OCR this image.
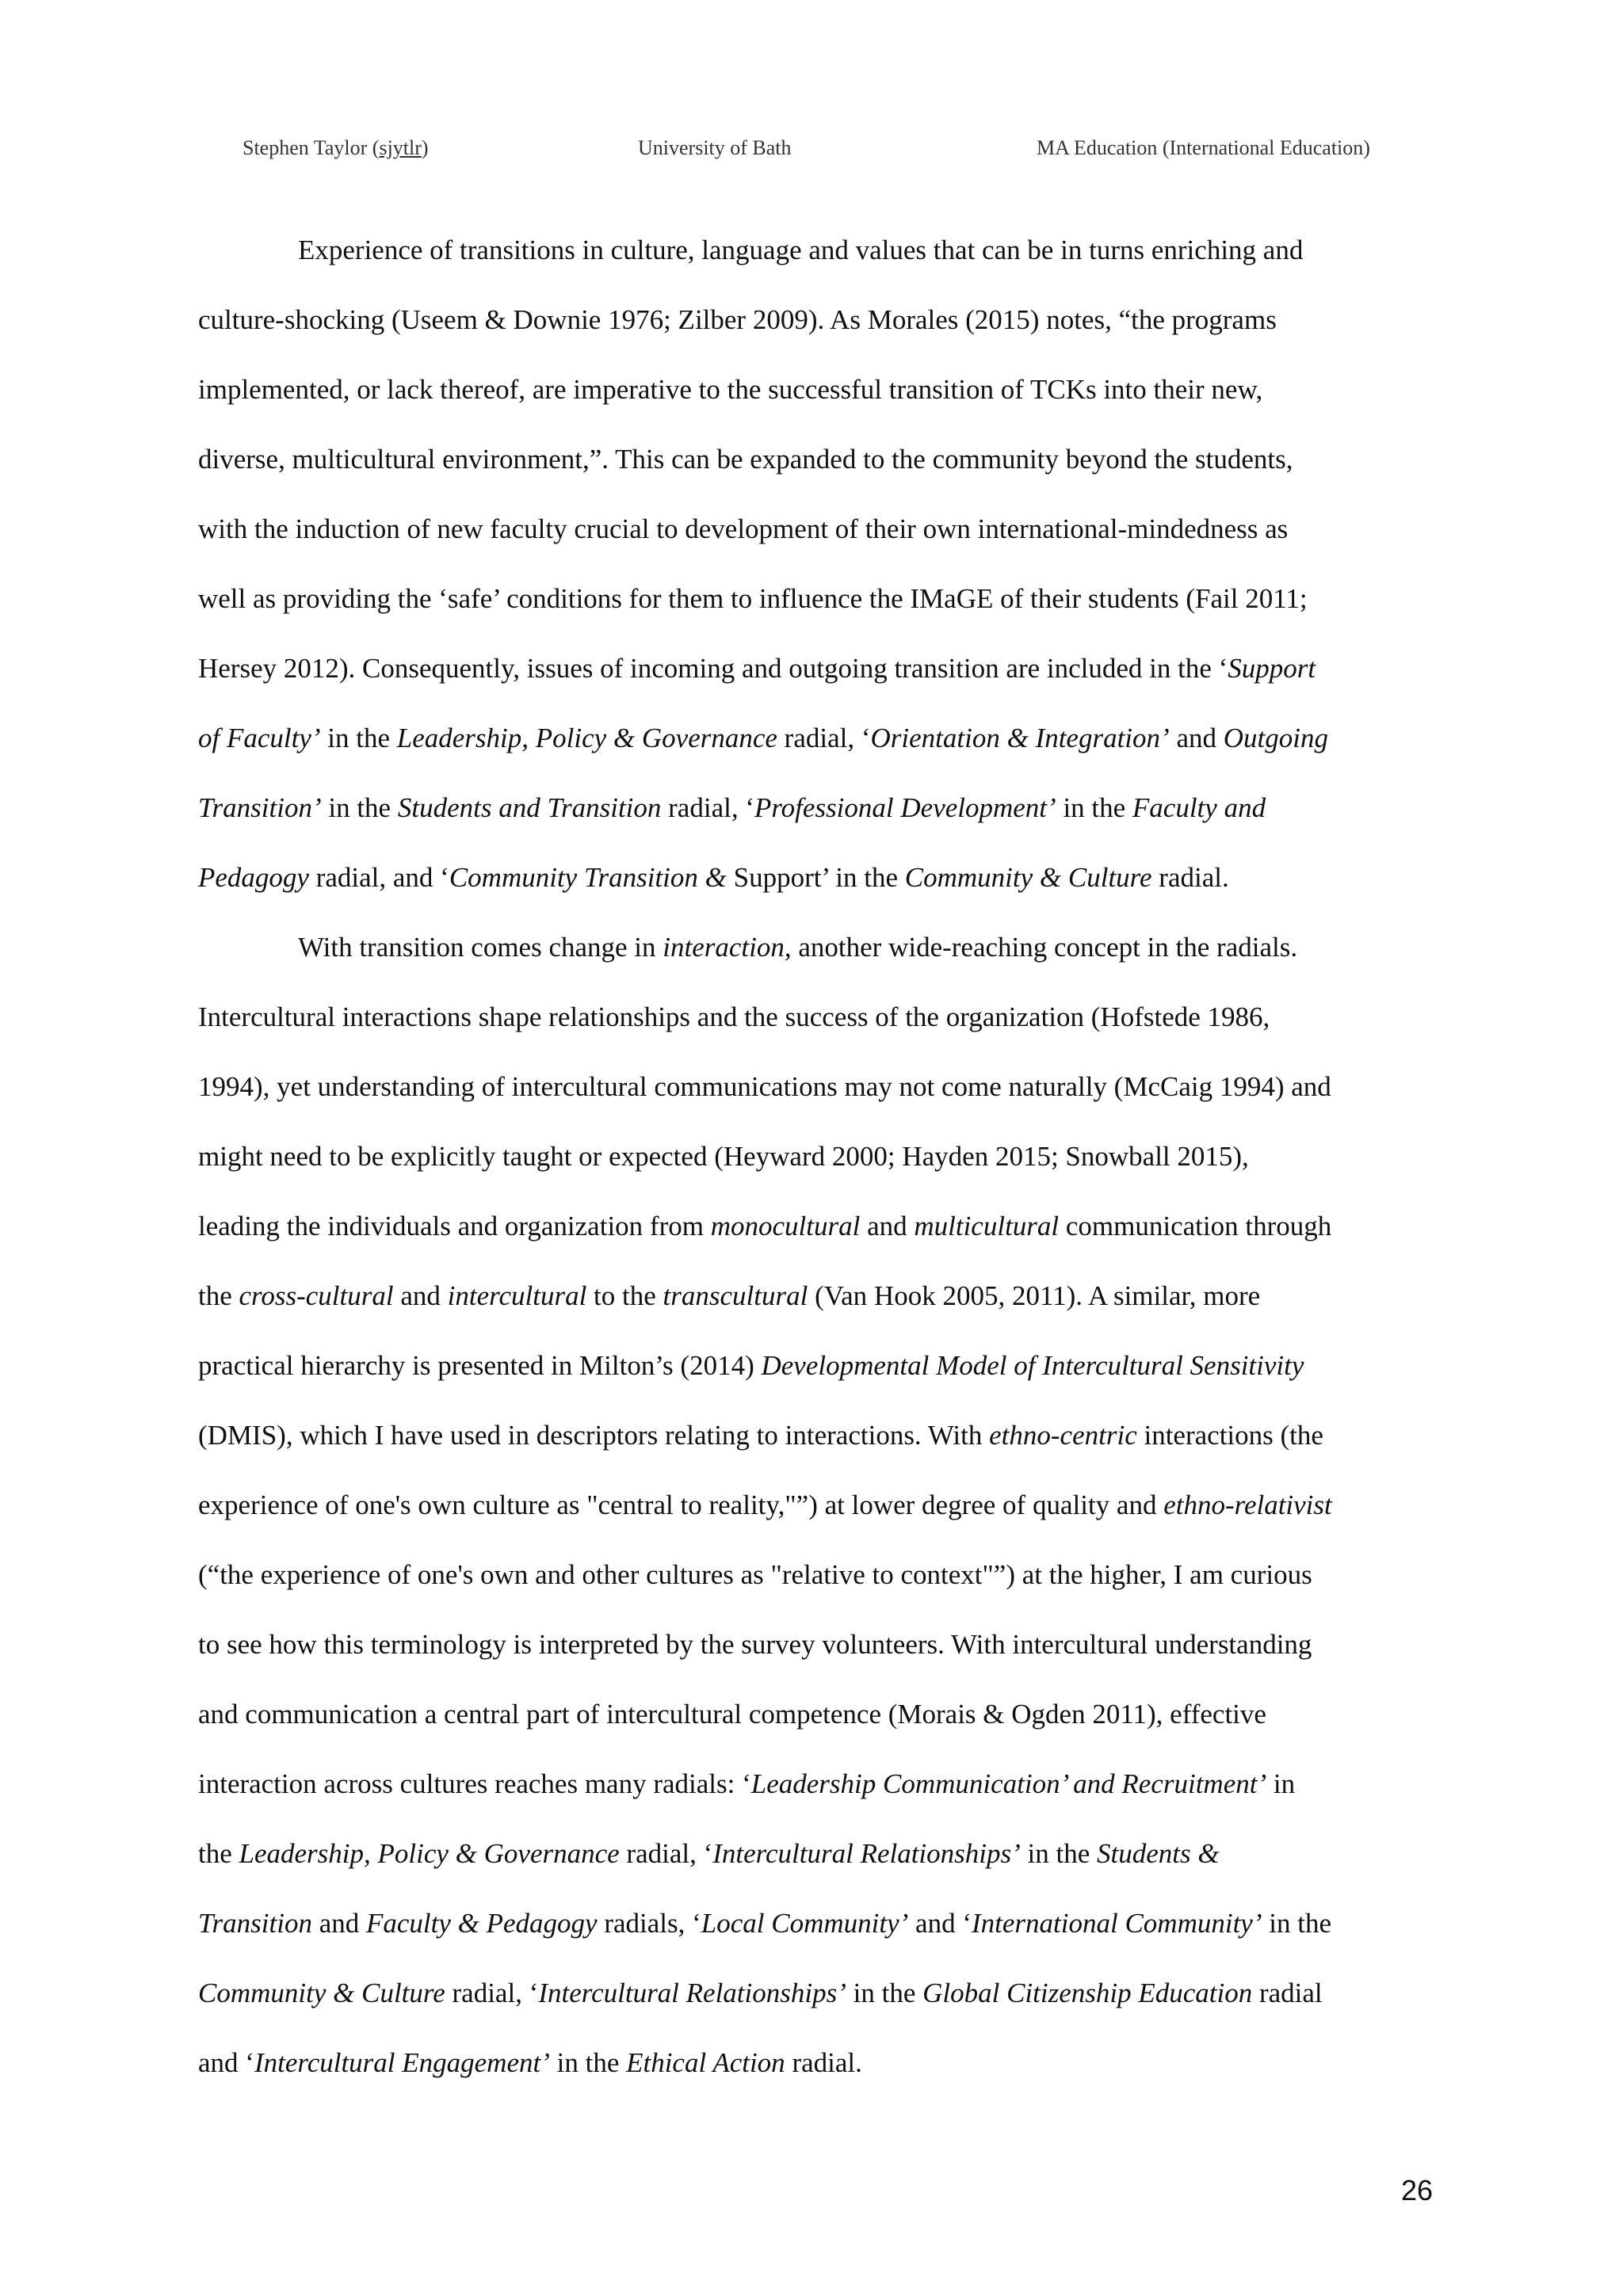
Stephen Taylor (sjytlr)	University of Bath	MA Education (International Education)
Experience of transitions in culture, language and values that can be in turns enriching and
culture-shocking (Useem & Downie 1976; Zilber 2009). As Morales (2015) notes, “the programs
implemented, or lack thereof, are imperative to the successful transition of TCKs into their new,
diverse, multicultural environment,”. This can be expanded to the community beyond the students,
with the induction of new faculty crucial to development of their own international-mindedness as
well as providing the ‘safe’ conditions for them to influence the IMaGE of their students (Fail 2011;
Hersey 2012). Consequently, issues of incoming and outgoing transition are included in the ‘Support
of Faculty’ in the Leadership, Policy & Governance radial, ‘Orientation & Integration’ and Outgoing
Transition’ in the Students and Transition radial, ‘Professional Development’ in the Faculty and
Pedagogy radial, and ‘Community Transition & Support’ in the Community & Culture radial.
With transition comes change in interaction, another wide-reaching concept in the radials.
Intercultural interactions shape relationships and the success of the organization (Hofstede 1986,
1994), yet understanding of intercultural communications may not come naturally (McCaig 1994) and
might need to be explicitly taught or expected (Heyward 2000; Hayden 2015; Snowball 2015),
leading the individuals and organization from monocultural and multicultural communication through
the cross-cultural and intercultural to the transcultural (Van Hook 2005, 2011). A similar, more
practical hierarchy is presented in Milton’s (2014) Developmental Model of Intercultural Sensitivity
(DMIS), which I have used in descriptors relating to interactions. With ethno-centric interactions (the
experience of one's own culture as "central to reality,"”) at lower degree of quality and ethno-relativist
(“the experience of one's own and other cultures as "relative to context"”) at the higher, I am curious
to see how this terminology is interpreted by the survey volunteers. With intercultural understanding
and communication a central part of intercultural competence (Morais & Ogden 2011), effective
interaction across cultures reaches many radials: ‘Leadership Communication’ and Recruitment’ in
the Leadership, Policy & Governance radial, ‘Intercultural Relationships’ in the Students &
Transition and Faculty & Pedagogy radials, ‘Local Community’ and ‘International Community’ in the
Community & Culture radial, ‘Intercultural Relationships’ in the Global Citizenship Education radial
and ‘Intercultural Engagement’ in the Ethical Action radial.
26
